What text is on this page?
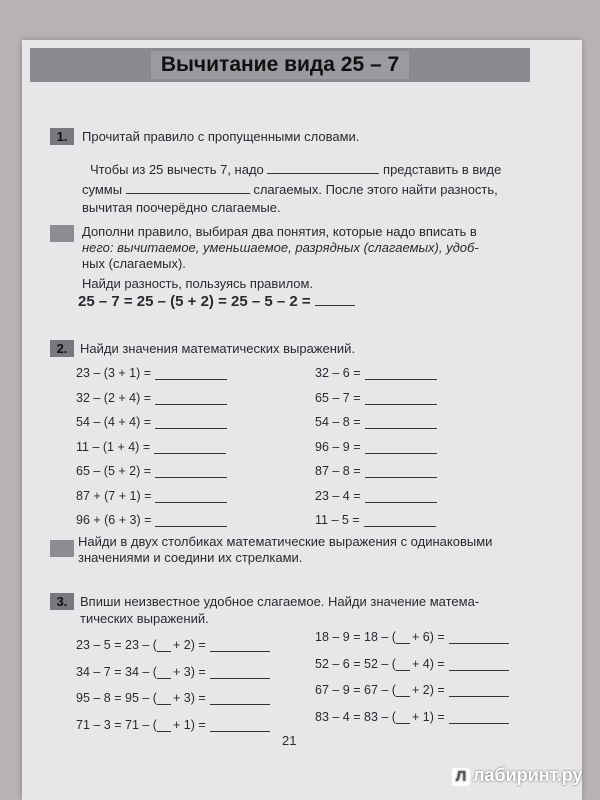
Вычитание вида 25 – 7
1. Прочитай правило с пропущенными словами.
Чтобы из 25 вычесть 7, надо	представить в виде
суммы	слагаемых. После этого найти разность,
вычитая поочерёдно слагаемые.
Дополни правило, выбирая два понятия, которые надо вписать в
него: вычитаемое, уменьшаемое, разрядных (слагаемых), удоб-
ных (слагаемых).
Найди разность, пользуясь правилом.
25 – 7 = 25 – (5 + 2) = 25 – 5 – 2 =
2. Найди значения математических выражений.
23 – (3 + 1) =
32 – (2 + 4) =
54 – (4 + 4) =
11 – (1 + 4) =
65 – (5 + 2) =
87 + (7 + 1) =
96 + (6 + 3) =
32 – 6 =
65 – 7 =
54 – 8 =
96 – 9 =
87 – 8 =
23 – 4 =
11 – 5 =
Найди в двух столбиках математические выражения с одинаковыми
значениями и соедини их стрелками.
3. Впиши неизвестное удобное слагаемое. Найди значение матема-
тических выражений.
23 – 5 = 23 – ( + 2) =
34 – 7 = 34 – ( + 3) =
95 – 8 = 95 – ( + 3) =
71 – 3 = 71 – ( + 1) =
18 – 9 = 18 – ( + 6) =
52 – 6 = 52 – ( + 4) =
67 – 9 = 67 – ( + 2) =
83 – 4 = 83 – ( + 1) =
21
Л лабиринт.ру
